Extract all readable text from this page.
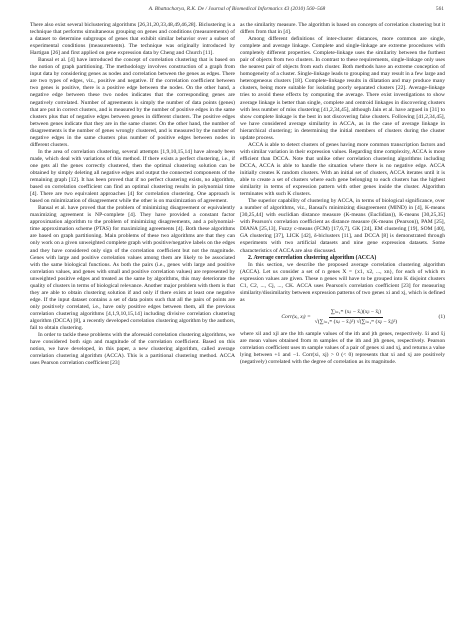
A. Bhattacharya, R.K. De / Journal of Biomedical Informatics 43 (2010) 560–568	561

There also exist several biclustering algorithms [26,31,20,33,48,49,46,28]. Biclustering is a technique that performs simultaneous grouping on genes and conditions (measurements) of a dataset to determine subgroups of genes that exhibit similar behavior over a subset of experimental conditions (measurements). The technique was originally introduced by Hartigan [26] and first applied on gene expression data by Cheng and Church [11].

Bansal et al. [4] have introduced the concept of correlation clustering that is based on the notion of graph partitioning. The methodology involves construction of a graph from input data by considering genes as nodes and correlation between the genes as edges. There are two types of edges, viz., positive and negative. If the correlation coefficient between two genes is positive, there is a positive edge between the nodes. On the other hand, a negative edge between these two nodes indicates that the corresponding genes are negatively correlated. Number of agreements is simply the number of data points (genes) that are put in correct clusters, and is measured by the number of positive edges in the same clusters plus that of negative edges between genes in different clusters. The positive edges between genes indicate that they are in the same cluster. On the other hand, the number of disagreements is the number of genes wrongly clustered, and is measured by the number of negative edges in the same clusters plus number of positive edges between nodes in different clusters.

In the area of correlation clustering, several attempts [1,9,10,15,14] have already been made, which deal with variations of this method. If there exists a perfect clustering, i.e., if one gets all the genes correctly clustered, then the optimal clustering solution can be obtained by simply deleting all negative edges and output the connected components of the remaining graph [12]. It has been proved that if no perfect clustering exists, no algorithm, based on correlation coefficient can find an optimal clustering results in polynomial time [4]. There are two equivalent approaches [4] for correlation clustering. One approach is based on minimization of disagreement while the other is on maximization of agreement.

Bansal et al. have proved that the problem of minimizing disagreement or equivalently maximizing agreement is NP-complete [4]. They have provided a constant factor approximation algorithm to the problem of minimizing disagreements, and a polynomial-time approximation scheme (PTAS) for maximizing agreements [4]. Both these algorithms are based on graph partitioning. Main problems of these two algorithms are that they can only work on a given unweighted complete graph with positive/negative labels on the edges and they have considered only sign of the correlation coefficient but not the magnitude. Genes with large and positive correlation values among them are likely to be associated with the same biological functions. As both the pairs (i.e., genes with large and positive correlation values, and genes with small and positive correlation values) are represented by unweighted positive edges and treated as the same by algorithms, this may deteriorate the quality of clusters in terms of biological relevance. Another major problem with them is that they are able to obtain clustering solution if and only if there exists at least one negative edge. If the input dataset contains a set of data points such that all the pairs of points are only positively correlated, i.e., have only positive edges between them, all the previous correlation clustering algorithms [4,1,9,10,15,14] including divisive correlation clustering algorithm (DCCA) [8], a recently developed correlation clustering algorithm by the authors, fail to obtain clustering.

In order to tackle these problems with the aforesaid correlation clustering algorithms, we have considered both sign and magnitude of the correlation coefficient. Based on this notion, we have developed, in this paper, a new clustering algorithm, called average correlation clustering algorithm (ACCA). This is a partitional clustering method. ACCA uses Pearson correlation coefficient [23]

as the similarity measure. The algorithm is based on concepts of correlation clustering but it differs from that in [4].

Among different definitions of inter-cluster distances, more common are single, complete and average linkage. Complete and single-linkage are extreme procedures with completely different properties. Complete-linkage uses the similarity between the furthest pair of objects from two clusters. In contrast to these requirements, single-linkage only uses the nearest pair of objects from each cluster. Both methods have an extreme conception of homogeneity of a cluster. Single-linkage leads to grouping and may result in a few large and heterogeneous clusters [18]. Complete-linkage results in dilatation and may produce many clusters, being more suitable for isolating poorly separated clusters [22]. Average-linkage tries to avoid these effects by computing the average. There exist investigations to show average linkage is better than single, complete and centroid linkages in discovering clusters with less number of miss clustering [41,2,34,45], although Jain et al. have argued in [31] to show complete linkage is the best in not discovering false clusters. Following [41,2,34,45], we have considered average similarity in ACCA, as in the case of average linkage in hierarchical clustering; in determining the initial members of clusters during the cluster update process.

ACCA is able to detect clusters of genes having more common transcription factors and with similar variation in their expression values. Regarding time complexity, ACCA is more efficient than DCCA. Note that unlike other correlation clustering algorithms including DCCA, ACCA is able to handle the situation where there is no negative edge. ACCA initially creates K random clusters. With an initial set of clusters, ACCA iterates until it is able to create a set of clusters where each gene belonging to each clusters has the highest similarity in terms of expression pattern with other genes inside the cluster. Algorithm terminates with such K clusters.

The superior capability of clustering by ACCA, in terms of biological significance, over a number of algorithms, viz., Bansal's minimizing disagreement (MIND) in [4], K-means [30,25,44] with euclidian distance measure (K-means (Euclidian)), K-means [30,25,35] with Pearson's correlation coefficient as distance measure (K-means (Pearson)), PAM [25], DIANA [25,13], Fuzzy c-means (FCM) [17,6,7], GK [24], EM clustering [19], SOM [40], GA clustering [37], LICK [42], δ-biclusters [11], and DCCA [8] is demonstrated through experiments with two artificial datasets and nine gene expression datasets. Some characteristics of ACCA are also discussed.

2. Average correlation clustering algorithm (ACCA)

In this section, we describe the proposed average correlation clustering algorithm (ACCA). Let us consider a set of n genes X = {x1, x2, ..., xn}, for each of which m expression values are given. These n genes will have to be grouped into K disjoint clusters C1, C2, ..., Cj, ..., CK. ACCA uses Pearson's correlation coefficient [23] for measuring similarity/dissimilarity between expression patterns of two genes xi and xj, which is defined as

Corr(xᵢ, xⱼ) = $\frac{\text{∑ₗ₌₁ᵐ (xᵢₗ − x̄ᵢ)(xⱼₗ − x̄ⱼ)}}{\text{√(∑ₗ₌₁ᵐ (xᵢₗ − x̄ᵢ)²) √(∑ₗ₌₁ᵐ (xⱼₗ − x̄ⱼ)²)}}$	(1)

where xil and xjl are the lth sample values of the ith and jth genes, respectively. x̄i and x̄j are mean values obtained from m samples of the ith and jth genes, respectively. Pearson correlation coefficient uses m sample values of a pair of genes xi and xj, and returns a value lying between +1 and −1. Corr(xi, xj) > 0 (< 0) represents that xi and xj are positively (negatively) correlated with the degree of correlation as its magnitude.
